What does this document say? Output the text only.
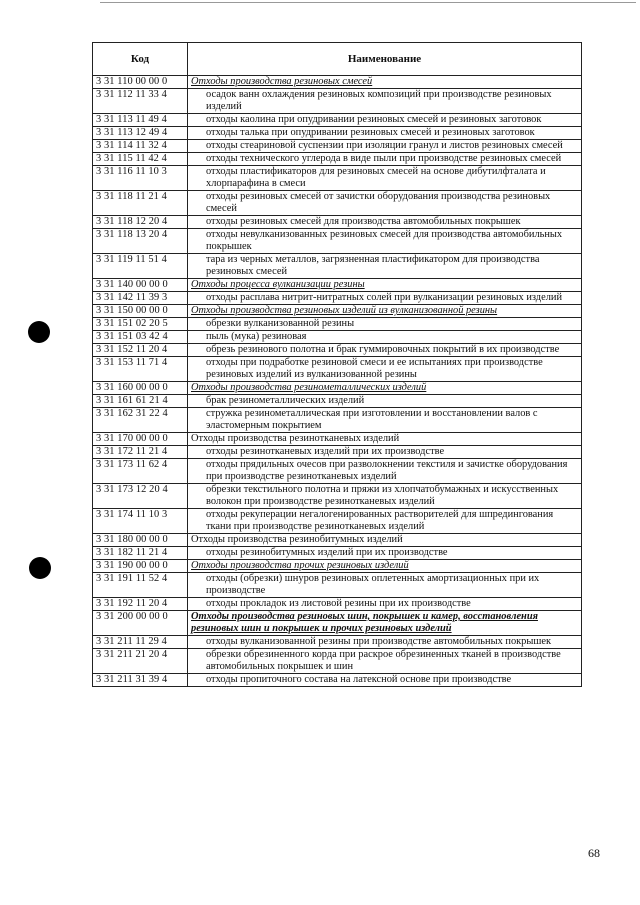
Код	Наименование
3 31 110 00 00 0	Отходы производства резиновых смесей
3 31 112 11 33 4	осадок ванн охлаждения резиновых композиций при производстве резиновых изделий
3 31 113 11 49 4	отходы каолина при опудривании резиновых смесей и резиновых заготовок
3 31 113 12 49 4	отходы талька при опудривании резиновых смесей и резиновых заготовок
3 31 114 11 32 4	отходы стеариновой суспензии при изоляции гранул и листов резиновых смесей
3 31 115 11 42 4	отходы технического углерода в виде пыли при производстве резиновых смесей
3 31 116 11 10 3	отходы пластификаторов для резиновых смесей на основе дибутилфталата и хлорпарафина в смеси
3 31 118 11 21 4	отходы резиновых смесей от зачистки оборудования производства резиновых смесей
3 31 118 12 20 4	отходы резиновых смесей для производства автомобильных покрышек
3 31 118 13 20 4	отходы невулканизованных резиновых смесей для производства автомобильных покрышек
3 31 119 11 51 4	тара из черных металлов, загрязненная пластификатором для производства резиновых смесей
3 31 140 00 00 0	Отходы процесса вулканизации резины
3 31 142 11 39 3	отходы расплава нитрит-нитратных солей при вулканизации резиновых изделий
3 31 150 00 00 0	Отходы производства резиновых изделий из вулканизованной резины
3 31 151 02 20 5	обрезки вулканизованной резины
3 31 151 03 42 4	пыль (мука) резиновая
3 31 152 11 20 4	обрезь резинового полотна и брак гуммировочных покрытий в их производстве
3 31 153 11 71 4	отходы при подработке резиновой смеси и ее испытаниях при производстве резиновых изделий из вулканизованной резины
3 31 160 00 00 0	Отходы производства резинометаллических изделий
3 31 161 61 21 4	брак резинометаллических изделий
3 31 162 31 22 4	стружка резинометаллическая при изготовлении и восстановлении валов с эластомерным покрытием
3 31 170 00 00 0	Отходы производства резинотканевых изделий
3 31 172 11 21 4	отходы резинотканевых изделий при их производстве
3 31 173 11 62 4	отходы прядильных очесов при разволокнении текстиля и зачистке оборудования при производстве резинотканевых изделий
3 31 173 12 20 4	обрезки текстильного полотна и пряжи из хлопчатобумажных и искусственных волокон при производстве резинотканевых изделий
3 31 174 11 10 3	отходы рекуперации негалогенированных растворителей для шпредингования ткани при производстве резинотканевых изделий
3 31 180 00 00 0	Отходы производства резинобитумных изделий
3 31 182 11 21 4	отходы резинобитумных изделий при их производстве
3 31 190 00 00 0	Отходы производства прочих резиновых изделий
3 31 191 11 52 4	отходы (обрезки) шнуров резиновых оплетенных амортизационных при их производстве
3 31 192 11 20 4	отходы прокладок из листовой резины при их производстве
3 31 200 00 00 0	Отходы производства резиновых шин, покрышек и камер, восстановления резиновых шин и покрышек и прочих резиновых изделий
3 31 211 11 29 4	отходы вулканизованной резины при производстве автомобильных покрышек
3 31 211 21 20 4	обрезки обрезиненного корда при раскрое обрезиненных тканей в производстве автомобильных покрышек и шин
3 31 211 31 39 4	отходы пропиточного состава на латексной основе при производстве
68
